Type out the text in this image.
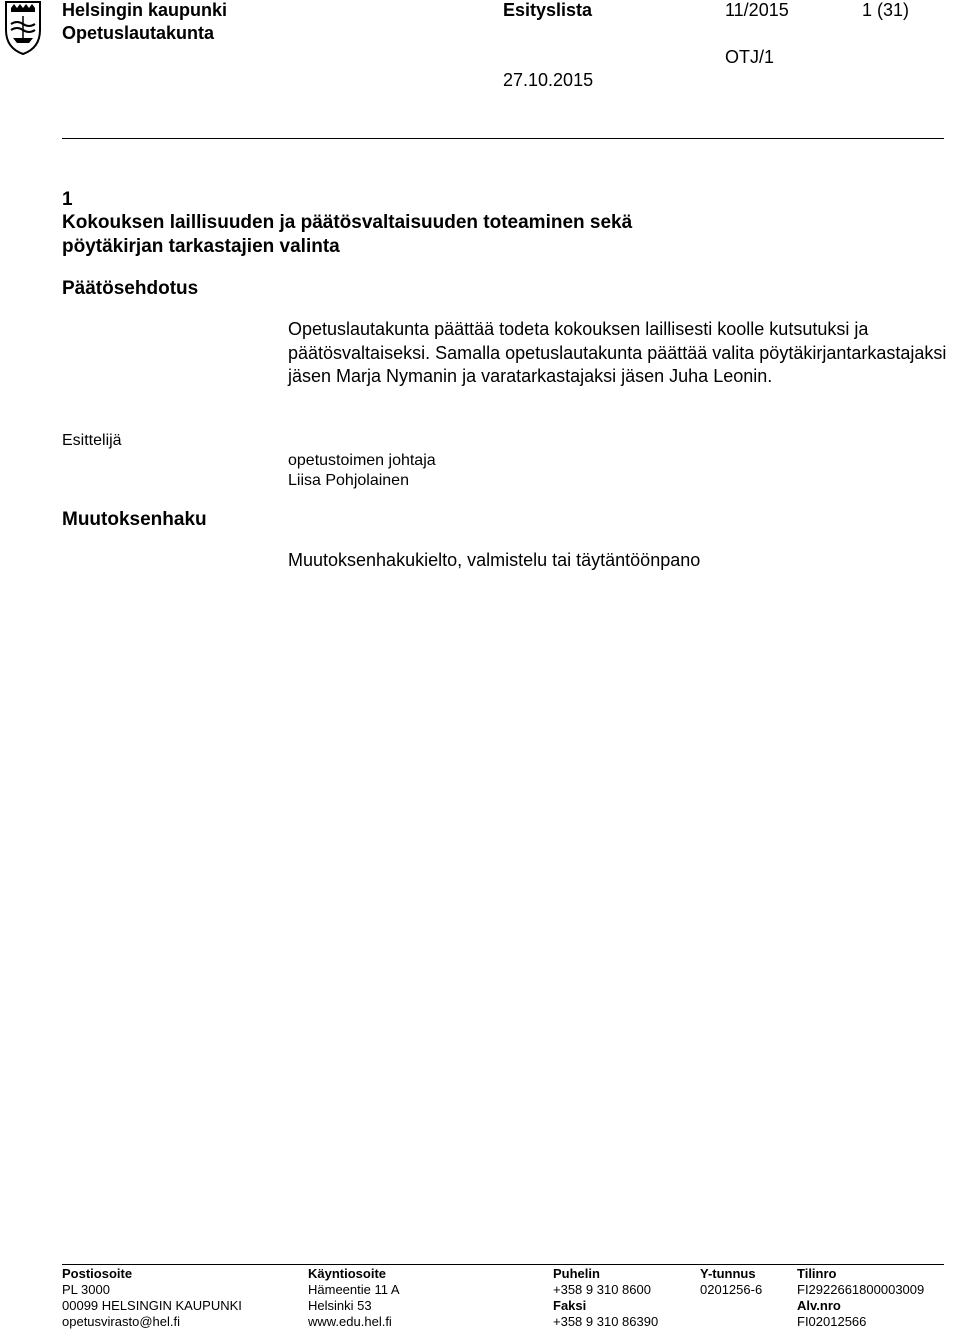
Helsingin kaupunki
Opetuslautakunta
Esityslista	11/2015	1 (31)
OTJ/1
27.10.2015
1
Kokouksen laillisuuden ja päätösvaltaisuuden toteaminen sekä
pöytäkirjan tarkastajien valinta
Päätösehdotus
Opetuslautakunta päättää todeta kokouksen laillisesti koolle kutsutuksi ja päätösvaltaiseksi. Samalla opetuslautakunta päättää valita pöytäkirjantarkastajaksi jäsen Marja Nymanin ja varatarkastajaksi jäsen Juha Leonin.
Esittelijä
opetustoimen johtaja
Liisa Pohjolainen
Muutoksenhaku
Muutoksenhakukielto, valmistelu tai täytäntöönpano
Postiosoite
PL 3000
00099 HELSINGIN KAUPUNKI
opetusvirasto@hel.fi
Käyntiosoite
Hämeentie 11 A
Helsinki 53
www.edu.hel.fi
Puhelin
+358 9 310 8600
Faksi
+358 9 310 86390
Y-tunnus
0201256-6
Tilinro
FI2922661800003009
Alv.nro
FI02012566
